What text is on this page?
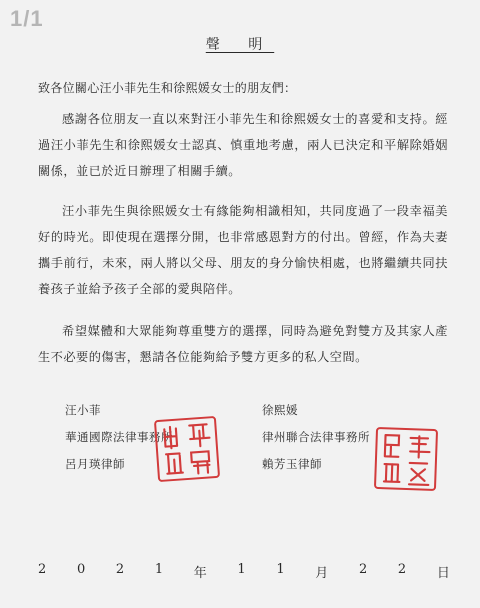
1/1
聲 明
致各位關心汪小菲先生和徐熙媛女士的朋友們：
感謝各位朋友一直以來對汪小菲先生和徐熙媛女士的喜愛和支持。經過汪小菲先生和徐熙媛女士認真、慎重地考慮，兩人已決定和平解除婚姻關係，並已於近日辦理了相關手續。
汪小菲先生與徐熙媛女士有緣能夠相識相知，共同度過了一段幸福美好的時光。即使現在選擇分開，也非常感恩對方的付出。曾經，作為夫妻攜手前行，未來，兩人將以父母、朋友的身分愉快相處，也將繼續共同扶養孩子並給予孩子全部的愛與陪伴。
希望媒體和大眾能夠尊重雙方的選擇，同時為避免對雙方及其家人產生不必要的傷害，懇請各位能夠給予雙方更多的私人空間。
汪小菲
華通國際法律事務所
呂月瑛律師
徐熙媛
律州聯合法律事務所
賴芳玉律師
2 0 2 1 年 1 1 月 2 2 日
